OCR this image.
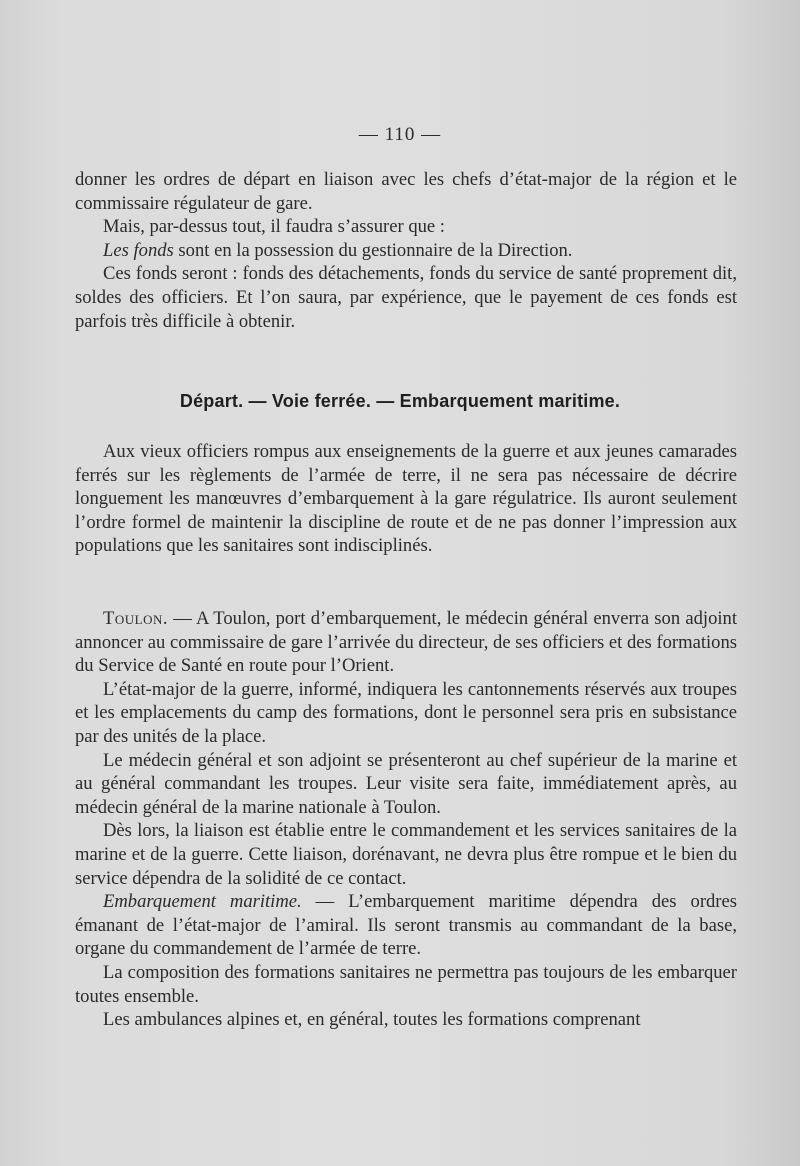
— 110 —

donner les ordres de départ en liaison avec les chefs d’état-major de la région et le commissaire régulateur de gare.

Mais, par-dessus tout, il faudra s’assurer que :

Les fonds sont en la possession du gestionnaire de la Direction.

Ces fonds seront : fonds des détachements, fonds du service de santé proprement dit, soldes des officiers. Et l’on saura, par expérience, que le payement de ces fonds est parfois très difficile à obtenir.

Départ. — Voie ferrée. — Embarquement maritime.

Aux vieux officiers rompus aux enseignements de la guerre et aux jeunes camarades ferrés sur les règlements de l’armée de terre, il ne sera pas nécessaire de décrire longuement les manœuvres d’embarquement à la gare régulatrice. Ils auront seulement l’ordre formel de maintenir la discipline de route et de ne pas donner l’impression aux populations que les sanitaires sont indisciplinés.

Toulon. — A Toulon, port d’embarquement, le médecin général enverra son adjoint annoncer au commissaire de gare l’arrivée du directeur, de ses officiers et des formations du Service de Santé en route pour l’Orient.

L’état-major de la guerre, informé, indiquera les cantonnements réservés aux troupes et les emplacements du camp des formations, dont le personnel sera pris en subsistance par des unités de la place.

Le médecin général et son adjoint se présenteront au chef supérieur de la marine et au général commandant les troupes. Leur visite sera faite, immédiatement après, au médecin général de la marine nationale à Toulon.

Dès lors, la liaison est établie entre le commandement et les services sanitaires de la marine et de la guerre. Cette liaison, dorénavant, ne devra plus être rompue et le bien du service dépendra de la solidité de ce contact.

Embarquement maritime. — L’embarquement maritime dépendra des ordres émanant de l’état-major de l’amiral. Ils seront transmis au commandant de la base, organe du commandement de l’armée de terre.

La composition des formations sanitaires ne permettra pas toujours de les embarquer toutes ensemble.

Les ambulances alpines et, en général, toutes les formations comprenant
